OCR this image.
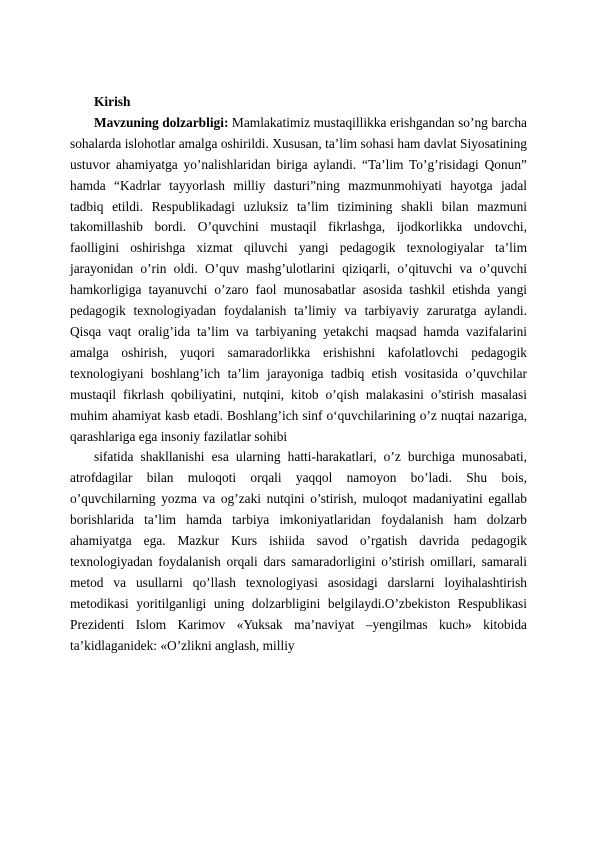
Kirish

Mavzuning dolzarbligi: Mamlakatimiz mustaqillikka erishgandan so’ng barcha sohalarda islohotlar amalga oshirildi. Xususan, ta’lim sohasi ham davlat Siyosatining ustuvor ahamiyatga yo’nalishlaridan biriga aylandi. “Ta’lim To’g’risidagi Qonun” hamda “Kadrlar tayyorlash milliy dasturi”ning mazmunmohiyati hayotga jadal tadbiq etildi. Respublikadagi uzluksiz ta’lim tizimining shakli bilan mazmuni takomillashib bordi. O’quvchini mustaqil fikrlashga, ijodkorlikka undovchi, faolligini oshirishga xizmat qiluvchi yangi pedagogik texnologiyalar ta’lim jarayonidan o’rin oldi. O’quv mashg’ulotlarini qiziqarli, o’qituvchi va o’quvchi hamkorligiga tayanuvchi o’zaro faol munosabatlar asosida tashkil etishda yangi pedagogik texnologiyadan foydalanish ta’limiy va tarbiyaviy zaruratga aylandi. Qisqa vaqt oralig’ida ta’lim va tarbiyaning yetakchi maqsad hamda vazifalarini amalga oshirish, yuqori samaradorlikka erishishni kafolatlovchi pedagogik texnologiyani boshlang’ich ta’lim jarayoniga tadbiq etish vositasida o’quvchilar mustaqil fikrlash qobiliyatini, nutqini, kitob o’qish malakasini o’stirish masalasi muhim ahamiyat kasb etadi. Boshlang’ich sinf o‘quvchilarining o’z nuqtai nazariga, qarashlariga ega insoniy fazilatlar sohibi

sifatida shakllanishi esa ularning hatti-harakatlari, o’z burchiga munosabati, atrofdagilar bilan muloqoti orqali yaqqol namoyon bo’ladi. Shu bois, o’quvchilarning yozma va og’zaki nutqini o’stirish, muloqot madaniyatini egallab borishlarida ta’lim hamda tarbiya imkoniyatlaridan foydalanish ham dolzarb ahamiyatga ega. Mazkur Kurs ishiida savod o’rgatish davrida pedagogik texnologiyadan foydalanish orqali dars samaradorligini o’stirish omillari, samarali metod va usullarni qo’llash texnologiyasi asosidagi darslarni loyihalashtirish metodikasi yoritilganligi uning dolzarbligini belgilaydi.O’zbekiston Respublikasi Prezidenti Islom Karimov «Yuksak ma’naviyat –yengilmas kuch» kitobida ta’kidlaganidek: «O’zlikni anglash, milliy
